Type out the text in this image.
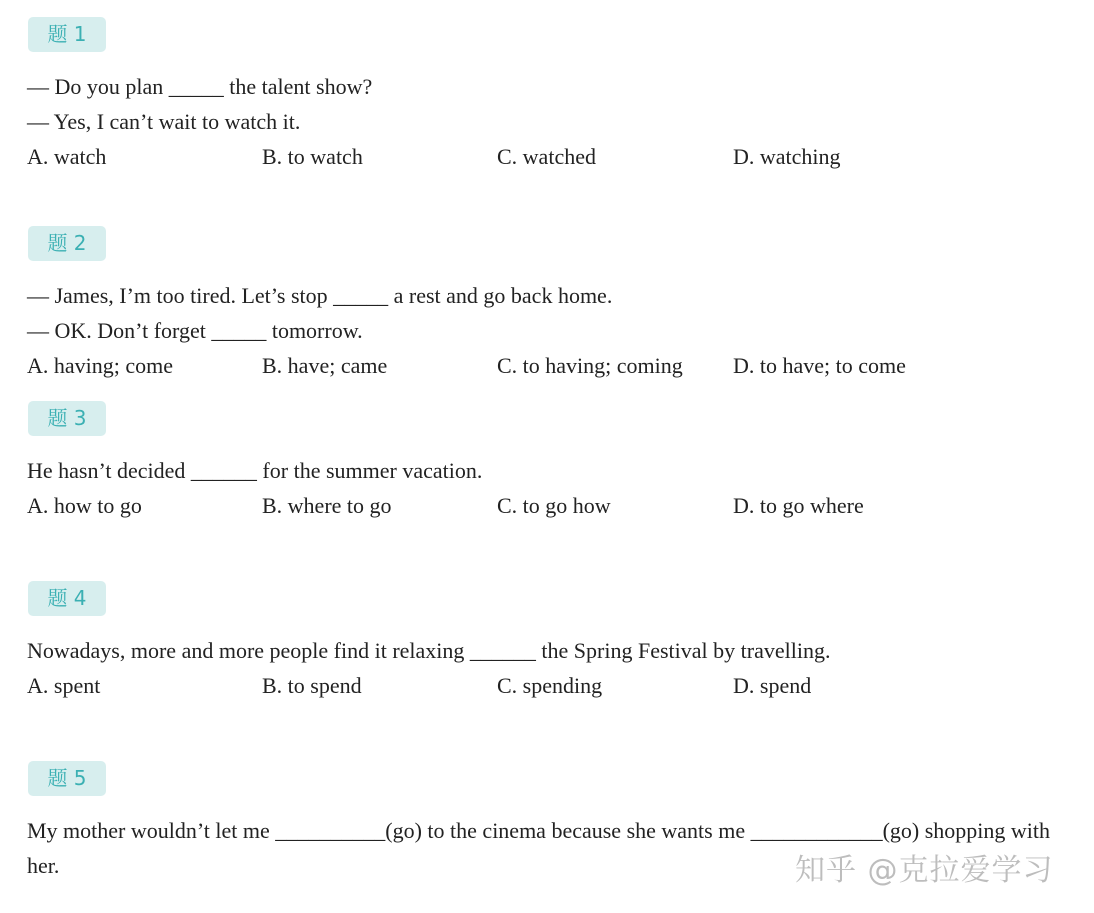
题 1
— Do you plan _____ the talent show?
— Yes, I can’t wait to watch it.
A. watch	B. to watch	C. watched	D. watching
题 2
— James, I’m too tired. Let’s stop _____ a rest and go back home.
— OK. Don’t forget _____ tomorrow.
A. having; come	B. have; came	C. to having; coming D. to have; to come
题 3
He hasn’t decided ______ for the summer vacation.
A. how to go	B. where to go	C. to go how	D. to go where
题 4
Nowadays, more and more people find it relaxing ______ the Spring Festival by travelling.
A. spent	B. to spend	C. spending	D. spend
题 5
My mother wouldn’t let me __________(go) to the cinema because she wants me ____________(go) shopping with her.	知乎 @克拉爱学习
